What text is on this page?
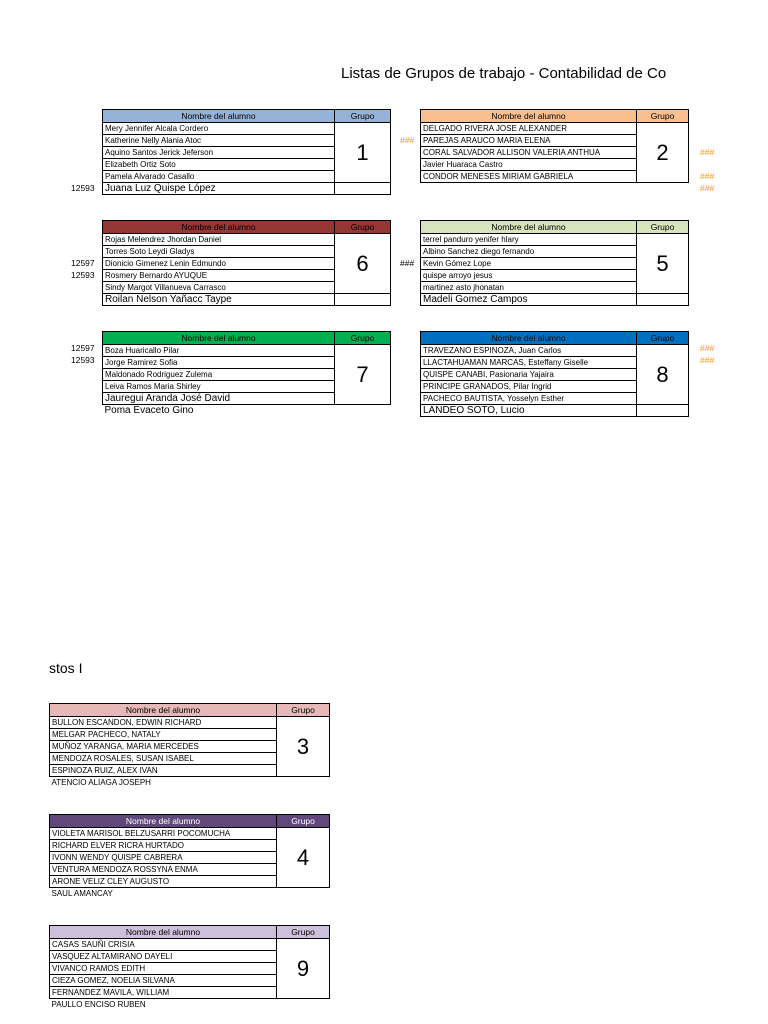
Listas de Grupos de trabajo - Contabilidad de Co
stos I
Nombre del alumno	Grupo
Mery Jennifer Alcala Cordero	1
Katherine Nelly Alania Atoc	
Aquino Santos Jerick Jeferson	
Elizabeth Ortiz Soto	
Pamela Alvarado Casallo	
Juana Luz Quispe López	
Nombre del alumno	Grupo
DELGADO RIVERA JOSE ALEXANDER	2
PAREJAS ARAUCO MARIA ELENA	
CORAL SALVADOR ALLISON VALERIA ANTHUA	
Javier Huaraca Castro	
CONDOR MENESES MIRIAM GABRIELA	
Nombre del alumno	Grupo
Rojas Melendrez Jhordan Daniel	6
Torres Soto Leydi Gladys	
Dionicio Gimenez Lenin Edmundo	
Rosmery Bernardo AYUQUE	
Sindy Margot Villanueva Carrasco	
Roilan Nelson Yañacc Taype	
Nombre del alumno	Grupo
terrel panduro yenifer hlary	5
Albino Sanchez diego fernando	
Kevin Gómez Lope	
quispe arroyo jesus	
martinez asto jhonatan	
Madeli Gomez Campos	
Nombre del alumno	Grupo
Boza Huaricallo Pilar	7
Jorge Ramirez Sofia	
Maldonado Rodriguez Zulema	
Leiva Ramos Maria Shirley	
Jauregui Aranda José David	
Poma Evaceto Gino	
Nombre del alumno	Grupo
TRAVEZANO ESPINOZA, Juan Carlos	8
LLACTAHUAMAN MARCAS, Esteffany Giselle	
QUISPE CANABI, Pasionaria Yajaira	
PRINCIPE GRANADOS, Pilar Ingrid	
PACHECO BAUTISTA, Yosselyn Esther	
LANDEO SOTO, Lucio	
Nombre del alumno	Grupo
BULLON ESCANDON, EDWIN RICHARD	3
MELGAR PACHECO, NATALY	
MUÑOZ YARANGA, MARIA MERCEDES	
MENDOZA ROSALES, SUSAN ISABEL	
ESPINOZA RUIZ, ALEX IVAN	
ATENCIO ALIAGA JOSEPH	
Nombre del alumno	Grupo
VIOLETA MARISOL BELZUSARRI POCOMUCHA	4
RICHARD ELVER RICRA HURTADO	
IVONN WENDY QUISPE CABRERA	
VENTURA MENDOZA ROSSYNA ENMA	
ARONE VELIZ CLEY AUGUSTO	
SAUL AMANCAY	
Nombre del alumno	Grupo
CASAS SAUÑI CRISIA	9
VASQUEZ ALTAMIRANO DAYELI	
VIVANCO RAMOS EDITH	
CIEZA GOMEZ, NOELIA SILVANA	
FERNANDEZ MAVILA, WILLIAM	
PAULLO ENCISO RUBEN	
12593
###
###
###
###
12597
12593
###
12597
12593
###
###
